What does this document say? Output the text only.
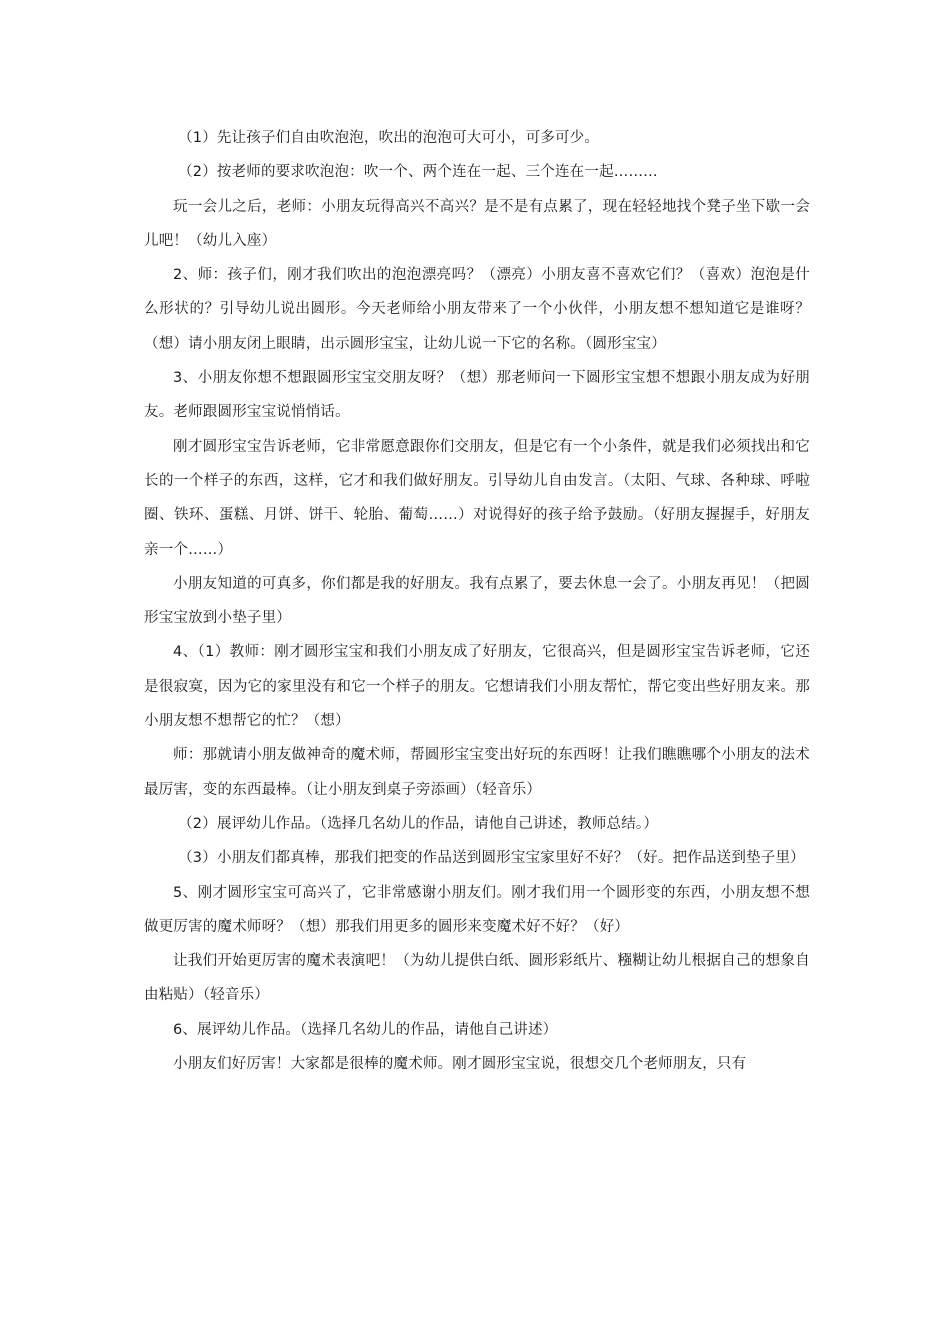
（1）先让孩子们自由吹泡泡，吹出的泡泡可大可小，可多可少。

（2）按老师的要求吹泡泡：吹一个、两个连在一起、三个连在一起………

玩一会儿之后，老师：小朋友玩得高兴不高兴？是不是有点累了，现在轻轻地找个凳子坐下歇一会儿吧！（幼儿入座）

2、师：孩子们，刚才我们吹出的泡泡漂亮吗？（漂亮）小朋友喜不喜欢它们？（喜欢）泡泡是什么形状的？引导幼儿说出圆形。今天老师给小朋友带来了一个小伙伴，小朋友想不想知道它是谁呀？（想）请小朋友闭上眼睛，出示圆形宝宝，让幼儿说一下它的名称。（圆形宝宝）

3、小朋友你想不想跟圆形宝宝交朋友呀？（想）那老师问一下圆形宝宝想不想跟小朋友成为好朋友。老师跟圆形宝宝说悄悄话。

刚才圆形宝宝告诉老师，它非常愿意跟你们交朋友，但是它有一个小条件，就是我们必须找出和它长的一个样子的东西，这样，它才和我们做好朋友。引导幼儿自由发言。（太阳、气球、各种球、呼啦圈、铁环、蛋糕、月饼、饼干、轮胎、葡萄……）对说得好的孩子给予鼓励。（好朋友握握手，好朋友亲一个……）

小朋友知道的可真多，你们都是我的好朋友。我有点累了，要去休息一会了。小朋友再见！（把圆形宝宝放到小垫子里）

4、（1）教师：刚才圆形宝宝和我们小朋友成了好朋友，它很高兴，但是圆形宝宝告诉老师，它还是很寂寞，因为它的家里没有和它一个样子的朋友。它想请我们小朋友帮忙，帮它变出些好朋友来。那小朋友想不想帮它的忙？（想）

师：那就请小朋友做神奇的魔术师，帮圆形宝宝变出好玩的东西呀！让我们瞧瞧哪个小朋友的法术最厉害，变的东西最棒。（让小朋友到桌子旁添画）（轻音乐）

（2）展评幼儿作品。（选择几名幼儿的作品，请他自己讲述，教师总结。）

（3）小朋友们都真棒，那我们把变的作品送到圆形宝宝家里好不好？（好。把作品送到垫子里）

5、刚才圆形宝宝可高兴了，它非常感谢小朋友们。刚才我们用一个圆形变的东西，小朋友想不想做更厉害的魔术师呀？（想）那我们用更多的圆形来变魔术好不好？（好）

让我们开始更厉害的魔术表演吧！（为幼儿提供白纸、圆形彩纸片、糨糊让幼儿根据自己的想象自由粘贴）（轻音乐）

6、展评幼儿作品。（选择几名幼儿的作品，请他自己讲述）

小朋友们好厉害！大家都是很棒的魔术师。刚才圆形宝宝说，很想交几个老师朋友，只有
